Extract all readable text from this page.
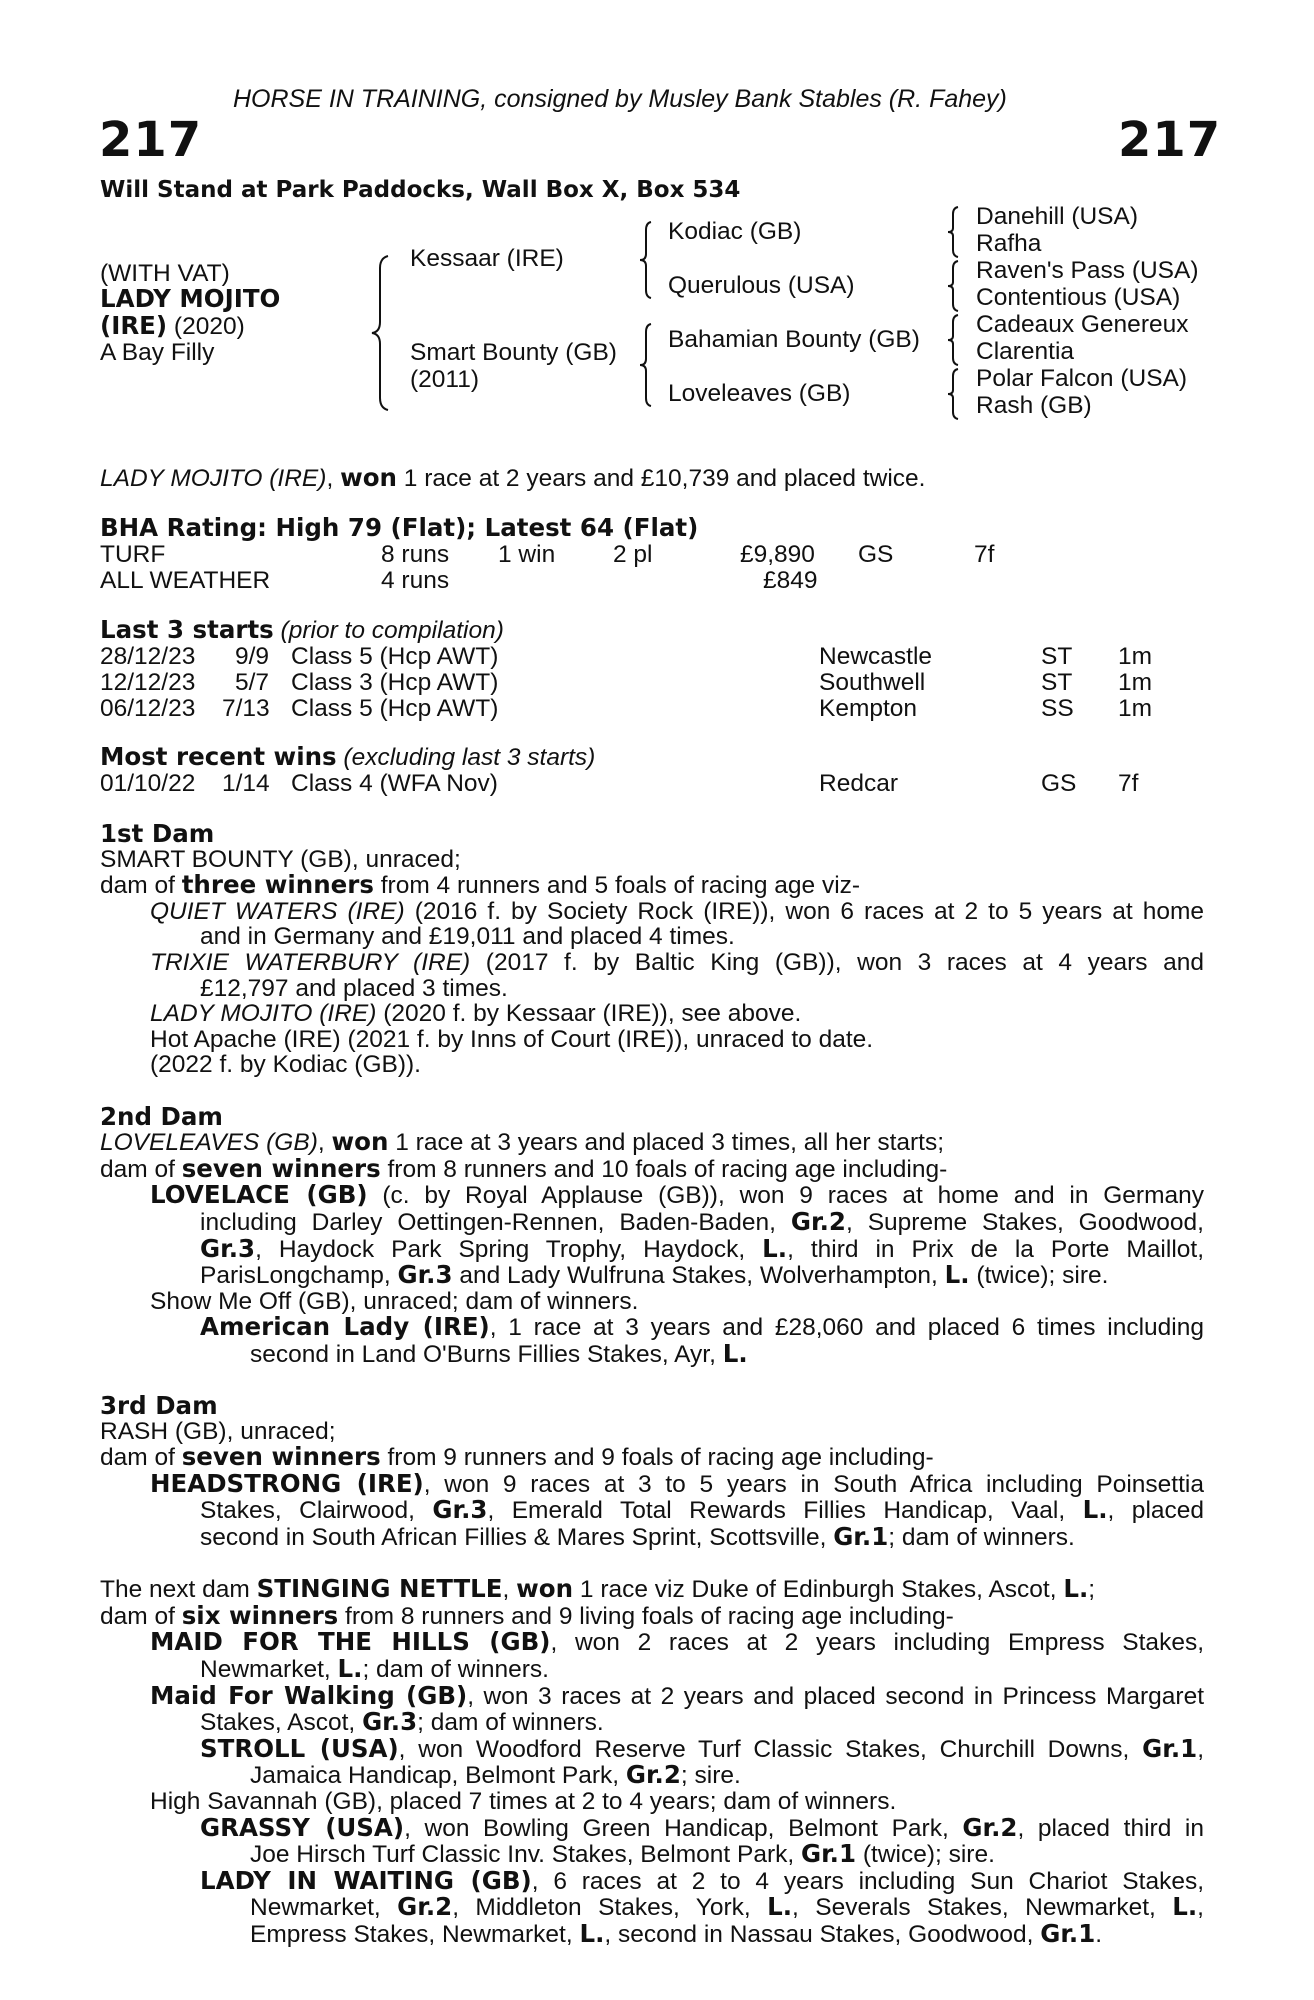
HORSE IN TRAINING, consigned by Musley Bank Stables (R. Fahey)
217	217
Will Stand at Park Paddocks, Wall Box X, Box 534
(WITH VAT)
LADY MOJITO
(IRE) (2020)
A Bay Filly
Kessaar (IRE)
Smart Bounty (GB)
(2011)
Kodiac (GB)
Querulous (USA)
Bahamian Bounty (GB)
Loveleaves (GB)
Danehill (USA)
Rafha
Raven's Pass (USA)
Contentious (USA)
Cadeaux Genereux
Clarentia
Polar Falcon (USA)
Rash (GB)
LADY MOJITO (IRE), won 1 race at 2 years and £10,739 and placed twice.
BHA Rating: High 79 (Flat); Latest 64 (Flat)
TURF	8 runs 1 win 2 pl	£9,890 GS	7f
ALL WEATHER	4 runs	£849
Last 3 starts (prior to compilation)
28/12/23 9/9 Class 5 (Hcp AWT)	Newcastle	ST 1m
12/12/23 5/7 Class 3 (Hcp AWT)	Southwell	ST 1m
06/12/23 7/13 Class 5 (Hcp AWT)	Kempton	SS 1m
Most recent wins (excluding last 3 starts)
01/10/22 1/14 Class 4 (WFA Nov)	Redcar	GS 7f
1st Dam
SMART BOUNTY (GB), unraced;
dam of three winners from 4 runners and 5 foals of racing age viz-
QUIET WATERS (IRE) (2016 f. by Society Rock (IRE)), won 6 races at 2 to 5 years at home
and in Germany and £19,011 and placed 4 times.
TRIXIE WATERBURY (IRE) (2017 f. by Baltic King (GB)), won 3 races at 4 years and
£12,797 and placed 3 times.
LADY MOJITO (IRE) (2020 f. by Kessaar (IRE)), see above.
Hot Apache (IRE) (2021 f. by Inns of Court (IRE)), unraced to date.
(2022 f. by Kodiac (GB)).
2nd Dam
LOVELEAVES (GB), won 1 race at 3 years and placed 3 times, all her starts;
dam of seven winners from 8 runners and 10 foals of racing age including-
LOVELACE (GB) (c. by Royal Applause (GB)), won 9 races at home and in Germany
including Darley Oettingen-Rennen, Baden-Baden, Gr.2, Supreme Stakes, Goodwood,
Gr.3, Haydock Park Spring Trophy, Haydock, L., third in Prix de la Porte Maillot,
ParisLongchamp, Gr.3 and Lady Wulfruna Stakes, Wolverhampton, L. (twice); sire.
Show Me Off (GB), unraced; dam of winners.
American Lady (IRE), 1 race at 3 years and £28,060 and placed 6 times including
second in Land O'Burns Fillies Stakes, Ayr, L.
3rd Dam
RASH (GB), unraced;
dam of seven winners from 9 runners and 9 foals of racing age including-
HEADSTRONG (IRE), won 9 races at 3 to 5 years in South Africa including Poinsettia
Stakes, Clairwood, Gr.3, Emerald Total Rewards Fillies Handicap, Vaal, L., placed
second in South African Fillies & Mares Sprint, Scottsville, Gr.1; dam of winners.
The next dam STINGING NETTLE, won 1 race viz Duke of Edinburgh Stakes, Ascot, L.;
dam of six winners from 8 runners and 9 living foals of racing age including-
MAID FOR THE HILLS (GB), won 2 races at 2 years including Empress Stakes,
Newmarket, L.; dam of winners.
Maid For Walking (GB), won 3 races at 2 years and placed second in Princess Margaret
Stakes, Ascot, Gr.3; dam of winners.
STROLL (USA), won Woodford Reserve Turf Classic Stakes, Churchill Downs, Gr.1,
Jamaica Handicap, Belmont Park, Gr.2; sire.
High Savannah (GB), placed 7 times at 2 to 4 years; dam of winners.
GRASSY (USA), won Bowling Green Handicap, Belmont Park, Gr.2, placed third in
Joe Hirsch Turf Classic Inv. Stakes, Belmont Park, Gr.1 (twice); sire.
LADY IN WAITING (GB), 6 races at 2 to 4 years including Sun Chariot Stakes,
Newmarket, Gr.2, Middleton Stakes, York, L., Severals Stakes, Newmarket, L.,
Empress Stakes, Newmarket, L., second in Nassau Stakes, Goodwood, Gr.1.
